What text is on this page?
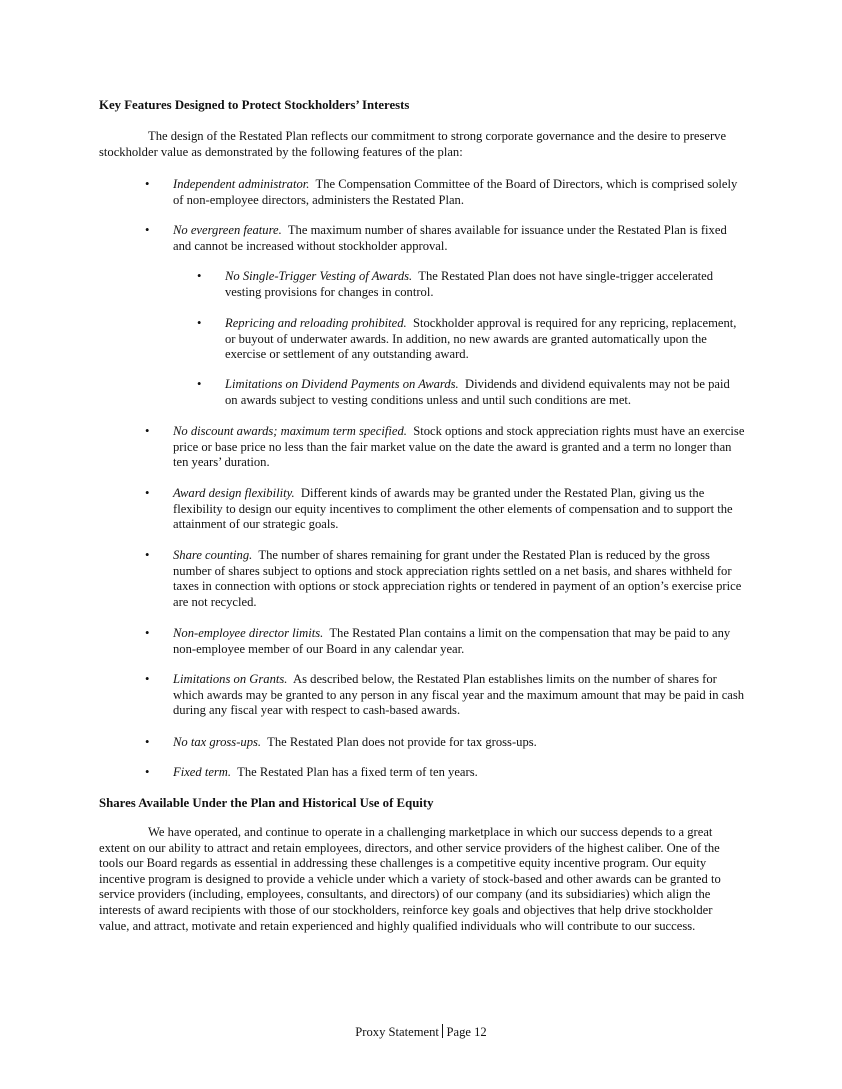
Key Features Designed to Protect Stockholders’ Interests

The design of the Restated Plan reflects our commitment to strong corporate governance and the desire to preserve stockholder value as demonstrated by the following features of the plan:

•	Independent administrator. The Compensation Committee of the Board of Directors, which is comprised solely of non-employee directors, administers the Restated Plan.
•	No evergreen feature. The maximum number of shares available for issuance under the Restated Plan is fixed and cannot be increased without stockholder approval.
•	No Single-Trigger Vesting of Awards. The Restated Plan does not have single-trigger accelerated vesting provisions for changes in control.
•	Repricing and reloading prohibited. Stockholder approval is required for any repricing, replacement, or buyout of underwater awards. In addition, no new awards are granted automatically upon the exercise or settlement of any outstanding award.
•	Limitations on Dividend Payments on Awards. Dividends and dividend equivalents may not be paid on awards subject to vesting conditions unless and until such conditions are met.
•	No discount awards; maximum term specified. Stock options and stock appreciation rights must have an exercise price or base price no less than the fair market value on the date the award is granted and a term no longer than ten years’ duration.
•	Award design flexibility. Different kinds of awards may be granted under the Restated Plan, giving us the flexibility to design our equity incentives to compliment the other elements of compensation and to support the attainment of our strategic goals.
•	Share counting. The number of shares remaining for grant under the Restated Plan is reduced by the gross number of shares subject to options and stock appreciation rights settled on a net basis, and shares withheld for taxes in connection with options or stock appreciation rights or tendered in payment of an option’s exercise price are not recycled.
•	Non-employee director limits. The Restated Plan contains a limit on the compensation that may be paid to any non-employee member of our Board in any calendar year.
•	Limitations on Grants. As described below, the Restated Plan establishes limits on the number of shares for which awards may be granted to any person in any fiscal year and the maximum amount that may be paid in cash during any fiscal year with respect to cash-based awards.
•	No tax gross-ups. The Restated Plan does not provide for tax gross-ups.
•	Fixed term. The Restated Plan has a fixed term of ten years.

Shares Available Under the Plan and Historical Use of Equity

We have operated, and continue to operate in a challenging marketplace in which our success depends to a great extent on our ability to attract and retain employees, directors, and other service providers of the highest caliber. One of the tools our Board regards as essential in addressing these challenges is a competitive equity incentive program. Our equity incentive program is designed to provide a vehicle under which a variety of stock-based and other awards can be granted to service providers (including, employees, consultants, and directors) of our company (and its subsidiaries) which align the interests of award recipients with those of our stockholders, reinforce key goals and objectives that help drive stockholder value, and attract, motivate and retain experienced and highly qualified individuals who will contribute to our success.

Proxy Statement Page 12
